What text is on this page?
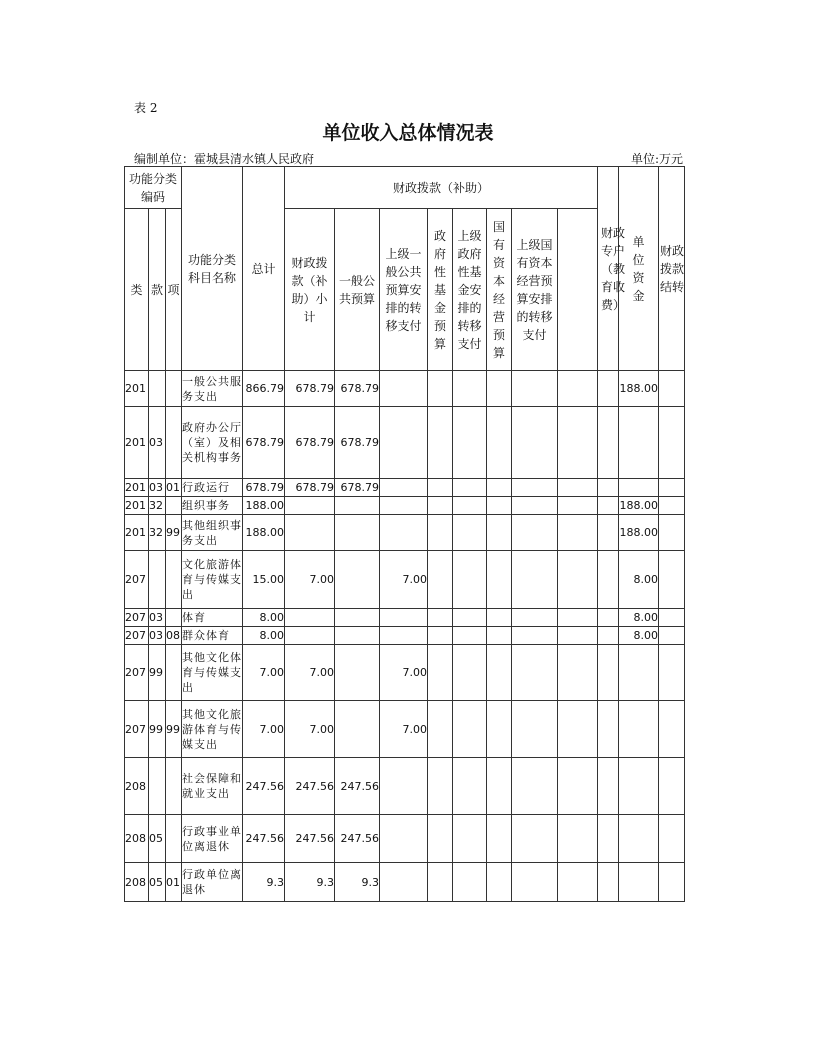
表 2
单位收入总体情况表
编制单位：霍城县清水镇人民政府	单位:万元
功能分类编码			功能分类科目名称	总计	财政拨款（补助）								财政专户（教育收费）	单位资金	财政拨款结转	
类	款	项			财政拨款（补助）小计	一般公共预算	上级一般公共预算安排的转移支付	政府性基金预算	上级政府性基金安排的转移支付	国有资本经营预算	上级国有资本经营预算安排的转移支付					
201			一般公共服务支出	866.79	678.79	678.79								188.00		
201	03		政府办公厅（室）及相关机构事务	678.79	678.79	678.79										
201	03	01	行政运行	678.79	678.79	678.79										
201	32		组织事务	188.00										188.00		
201	32	99	其他组织事务支出	188.00										188.00		
207			文化旅游体育与传媒支出	15.00	7.00		7.00							8.00		
207	03		体育	8.00										8.00		
207	03	08	群众体育	8.00										8.00		
207	99		其他文化体育与传媒支出	7.00	7.00		7.00									
207	99	99	其他文化旅游体育与传媒支出	7.00	7.00		7.00									
208			社会保障和就业支出	247.56	247.56	247.56										
208	05		行政事业单位离退休	247.56	247.56	247.56										
208	05	01	行政单位离退休	9.3	9.3	9.3										
